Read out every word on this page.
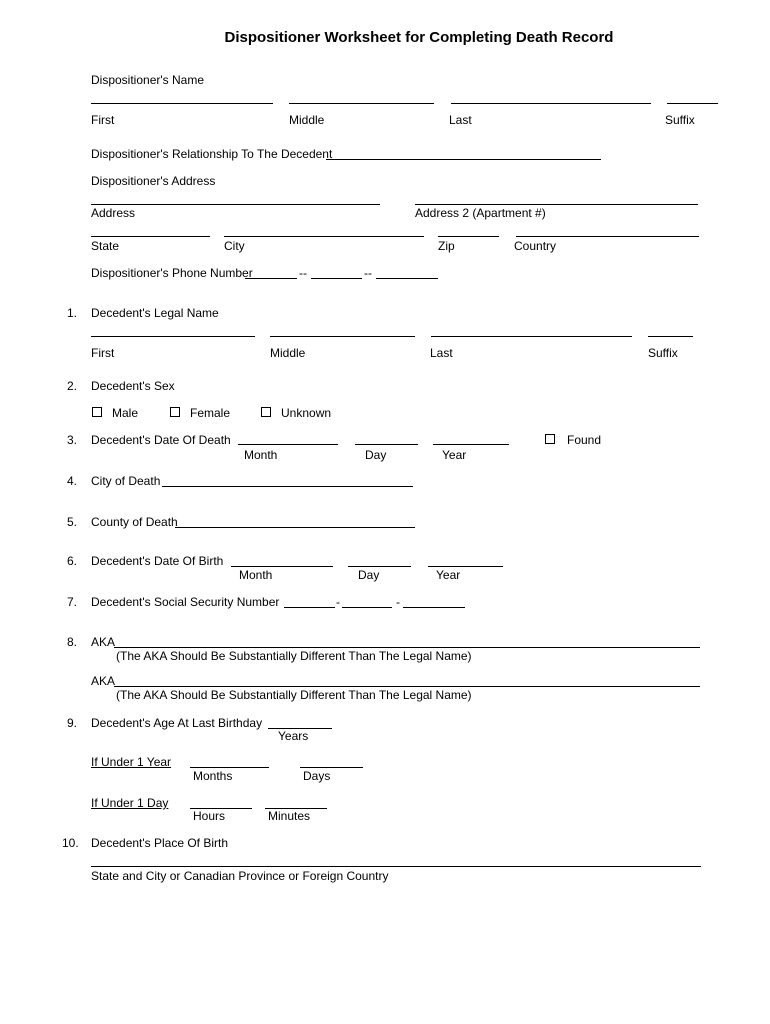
Dispositioner Worksheet for Completing Death Record
Dispositioner's Name
First	Middle	Last	Suffix
Dispositioner's Relationship To The Decedent
Dispositioner's Address
Address	Address 2 (Apartment #)
State	City	Zip	Country
Dispositioner's Phone Number	--	--
1. Decedent's Legal Name
First	Middle	Last	Suffix
2. Decedent's Sex
Male	Female	Unknown
3. Decedent's Date Of Death	Found
Month	Day	Year
4. City of Death
5. County of Death
6. Decedent's Date Of Birth
Month	Day	Year
7. Decedent's Social Security Number	-	-
8. AKA
(The AKA Should Be Substantially Different Than The Legal Name)
AKA
(The AKA Should Be Substantially Different Than The Legal Name)
9. Decedent's Age At Last Birthday
Years
If Under 1 Year
Months	Days
If Under 1 Day
Hours	Minutes
10. Decedent's Place Of Birth
State and City or Canadian Province or Foreign Country
